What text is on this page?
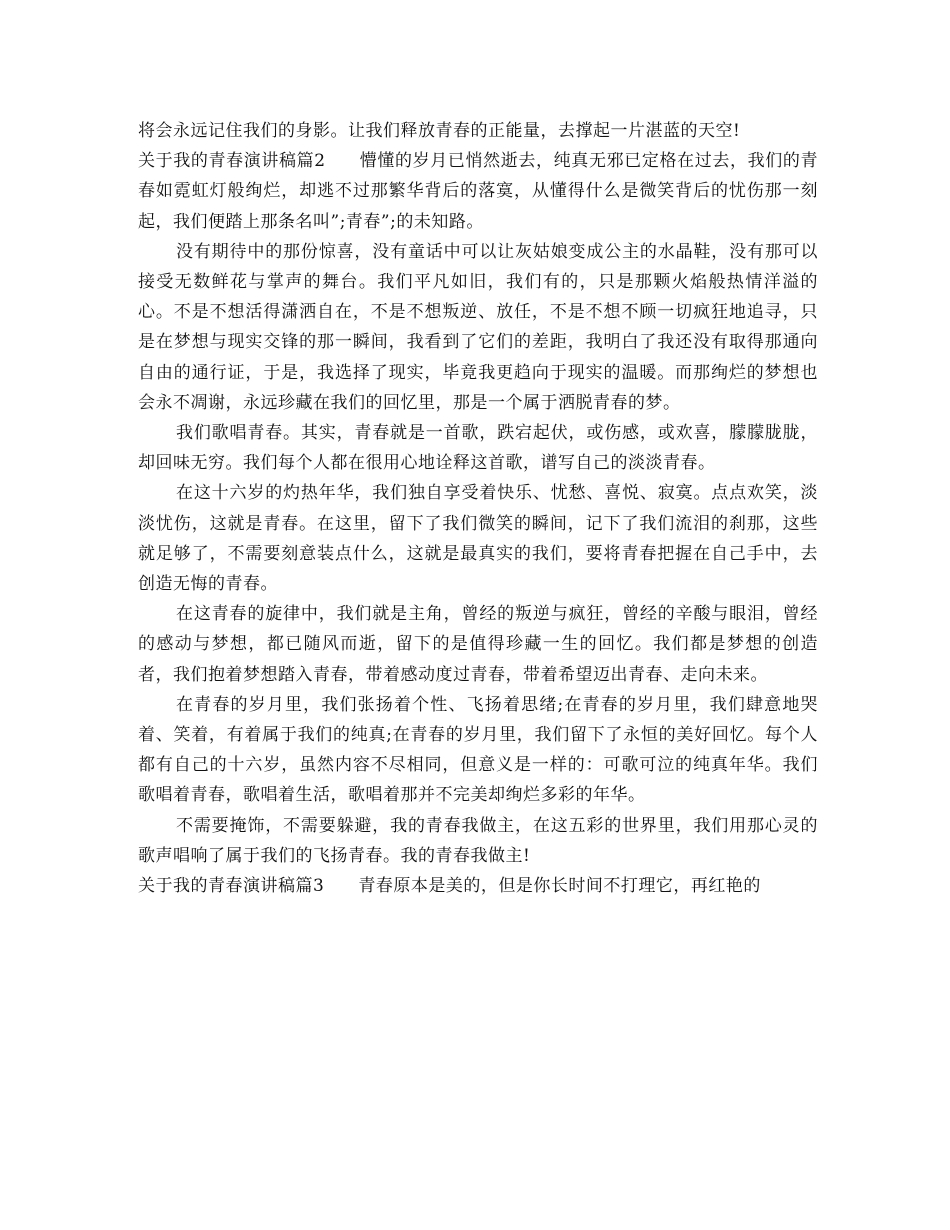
将会永远记住我们的身影。让我们释放青春的正能量，去撑起一片湛蓝的天空!

关于我的青春演讲稿篇2 懵懂的岁月已悄然逝去，纯真无邪已定格在过去，我们的青春如霓虹灯般绚烂，却逃不过那繁华背后的落寞，从懂得什么是微笑背后的忧伤那一刻起，我们便踏上那条名叫”;青春”;的未知路。

没有期待中的那份惊喜，没有童话中可以让灰姑娘变成公主的水晶鞋，没有那可以接受无数鲜花与掌声的舞台。我们平凡如旧，我们有的，只是那颗火焰般热情洋溢的心。不是不想活得潇洒自在，不是不想叛逆、放任，不是不想不顾一切疯狂地追寻，只是在梦想与现实交锋的那一瞬间，我看到了它们的差距，我明白了我还没有取得那通向自由的通行证，于是，我选择了现实，毕竟我更趋向于现实的温暖。而那绚烂的梦想也会永不凋谢，永远珍藏在我们的回忆里，那是一个属于洒脱青春的梦。

我们歌唱青春。其实，青春就是一首歌，跌宕起伏，或伤感，或欢喜，朦朦胧胧，却回味无穷。我们每个人都在很用心地诠释这首歌，谱写自己的淡淡青春。

在这十六岁的灼热年华，我们独自享受着快乐、忧愁、喜悦、寂寞。点点欢笑，淡淡忧伤，这就是青春。在这里，留下了我们微笑的瞬间，记下了我们流泪的刹那，这些就足够了，不需要刻意装点什么，这就是最真实的我们，要将青春把握在自己手中，去创造无悔的青春。

在这青春的旋律中，我们就是主角，曾经的叛逆与疯狂，曾经的辛酸与眼泪，曾经的感动与梦想，都已随风而逝，留下的是值得珍藏一生的回忆。我们都是梦想的创造者，我们抱着梦想踏入青春，带着感动度过青春，带着希望迈出青春、走向未来。

在青春的岁月里，我们张扬着个性、飞扬着思绪;在青春的岁月里，我们肆意地哭着、笑着，有着属于我们的纯真;在青春的岁月里，我们留下了永恒的美好回忆。每个人都有自己的十六岁，虽然内容不尽相同，但意义是一样的：可歌可泣的纯真年华。我们歌唱着青春，歌唱着生活，歌唱着那并不完美却绚烂多彩的年华。

不需要掩饰，不需要躲避，我的青春我做主，在这五彩的世界里，我们用那心灵的歌声唱响了属于我们的飞扬青春。我的青春我做主!

关于我的青春演讲稿篇3 青春原本是美的，但是你长时间不打理它，再红艳的
